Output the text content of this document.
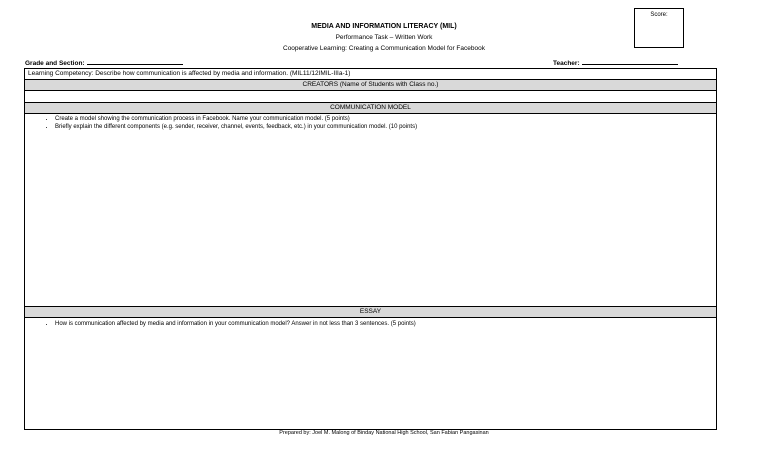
Score:
MEDIA AND INFORMATION LITERACY (MIL)
Performance Task – Written Work
Cooperative Learning: Creating a Communication Model for Facebook
Grade and Section:	Teacher:
Learning Competency: Describe how communication is affected by media and information. (MIL11/12IMIL-IIIa-1)
CREATORS (Name of Students with Class no.)
COMMUNICATION MODEL
• Create a model showing the communication process in Facebook. Name your communication model. (5 points)
• Briefly explain the different components (e.g. sender, receiver, channel, events, feedback, etc.) in your communication model. (10 points)
ESSAY
• How is communication affected by media and information in your communication model? Answer in not less than 3 sentences. (5 points)
Prepared by: Joel M. Malong of Binday National High School, San Fabian Pangasinan
